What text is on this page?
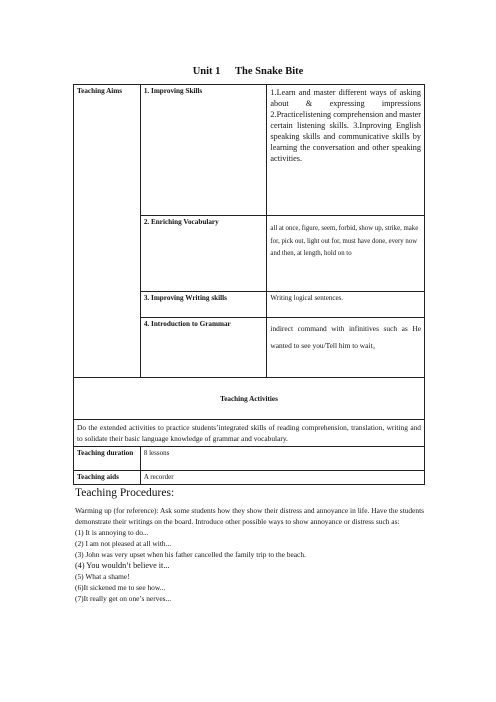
Unit 1 The Snake Bite
Teaching Aims	1. Improving Skills	1.Learn and master different ways of asking about & expressing impressions 2.Practicelistening comprehension and master certain listening skills. 3.Inproving English speaking skills and communicative skills by learning the conversation and other speaking activities.
	2. Enriching Vocabulary	all at once, figure, seem, forbid, show up, strike, make for, pick out, light out for, must have done, every now and then, at length, hold on to
	3. Improving Writing skills	Writing logical sentences.
	4. Introduction to Grammar	indirect command with infinitives such as He wanted to see you/Tell him to wait。
Teaching Activities		
Do the extended activities to practice students’integrated skills of reading comprehension, translation, writing and to solidate their basic language knowledge of grammar and vocabulary.		
Teaching duration	8 lessons	
Teaching aids	A recorder	
Teaching Procedures:

Warming up (for reference): Ask some students how they show their distress and annoyance in life. Have the students demonstrate their writings on the board. Introduce other possible ways to show annoyance or distress such as:

(1) It is annoying to do...

(2) I am not pleased at all with...

(3) John was very upset when his father cancelled the family trip to the beach.

(4) You wouldn’t believe it...

(5) What a shame!

(6)It sickened me to see how...

(7)It really get on one’s nerves...
